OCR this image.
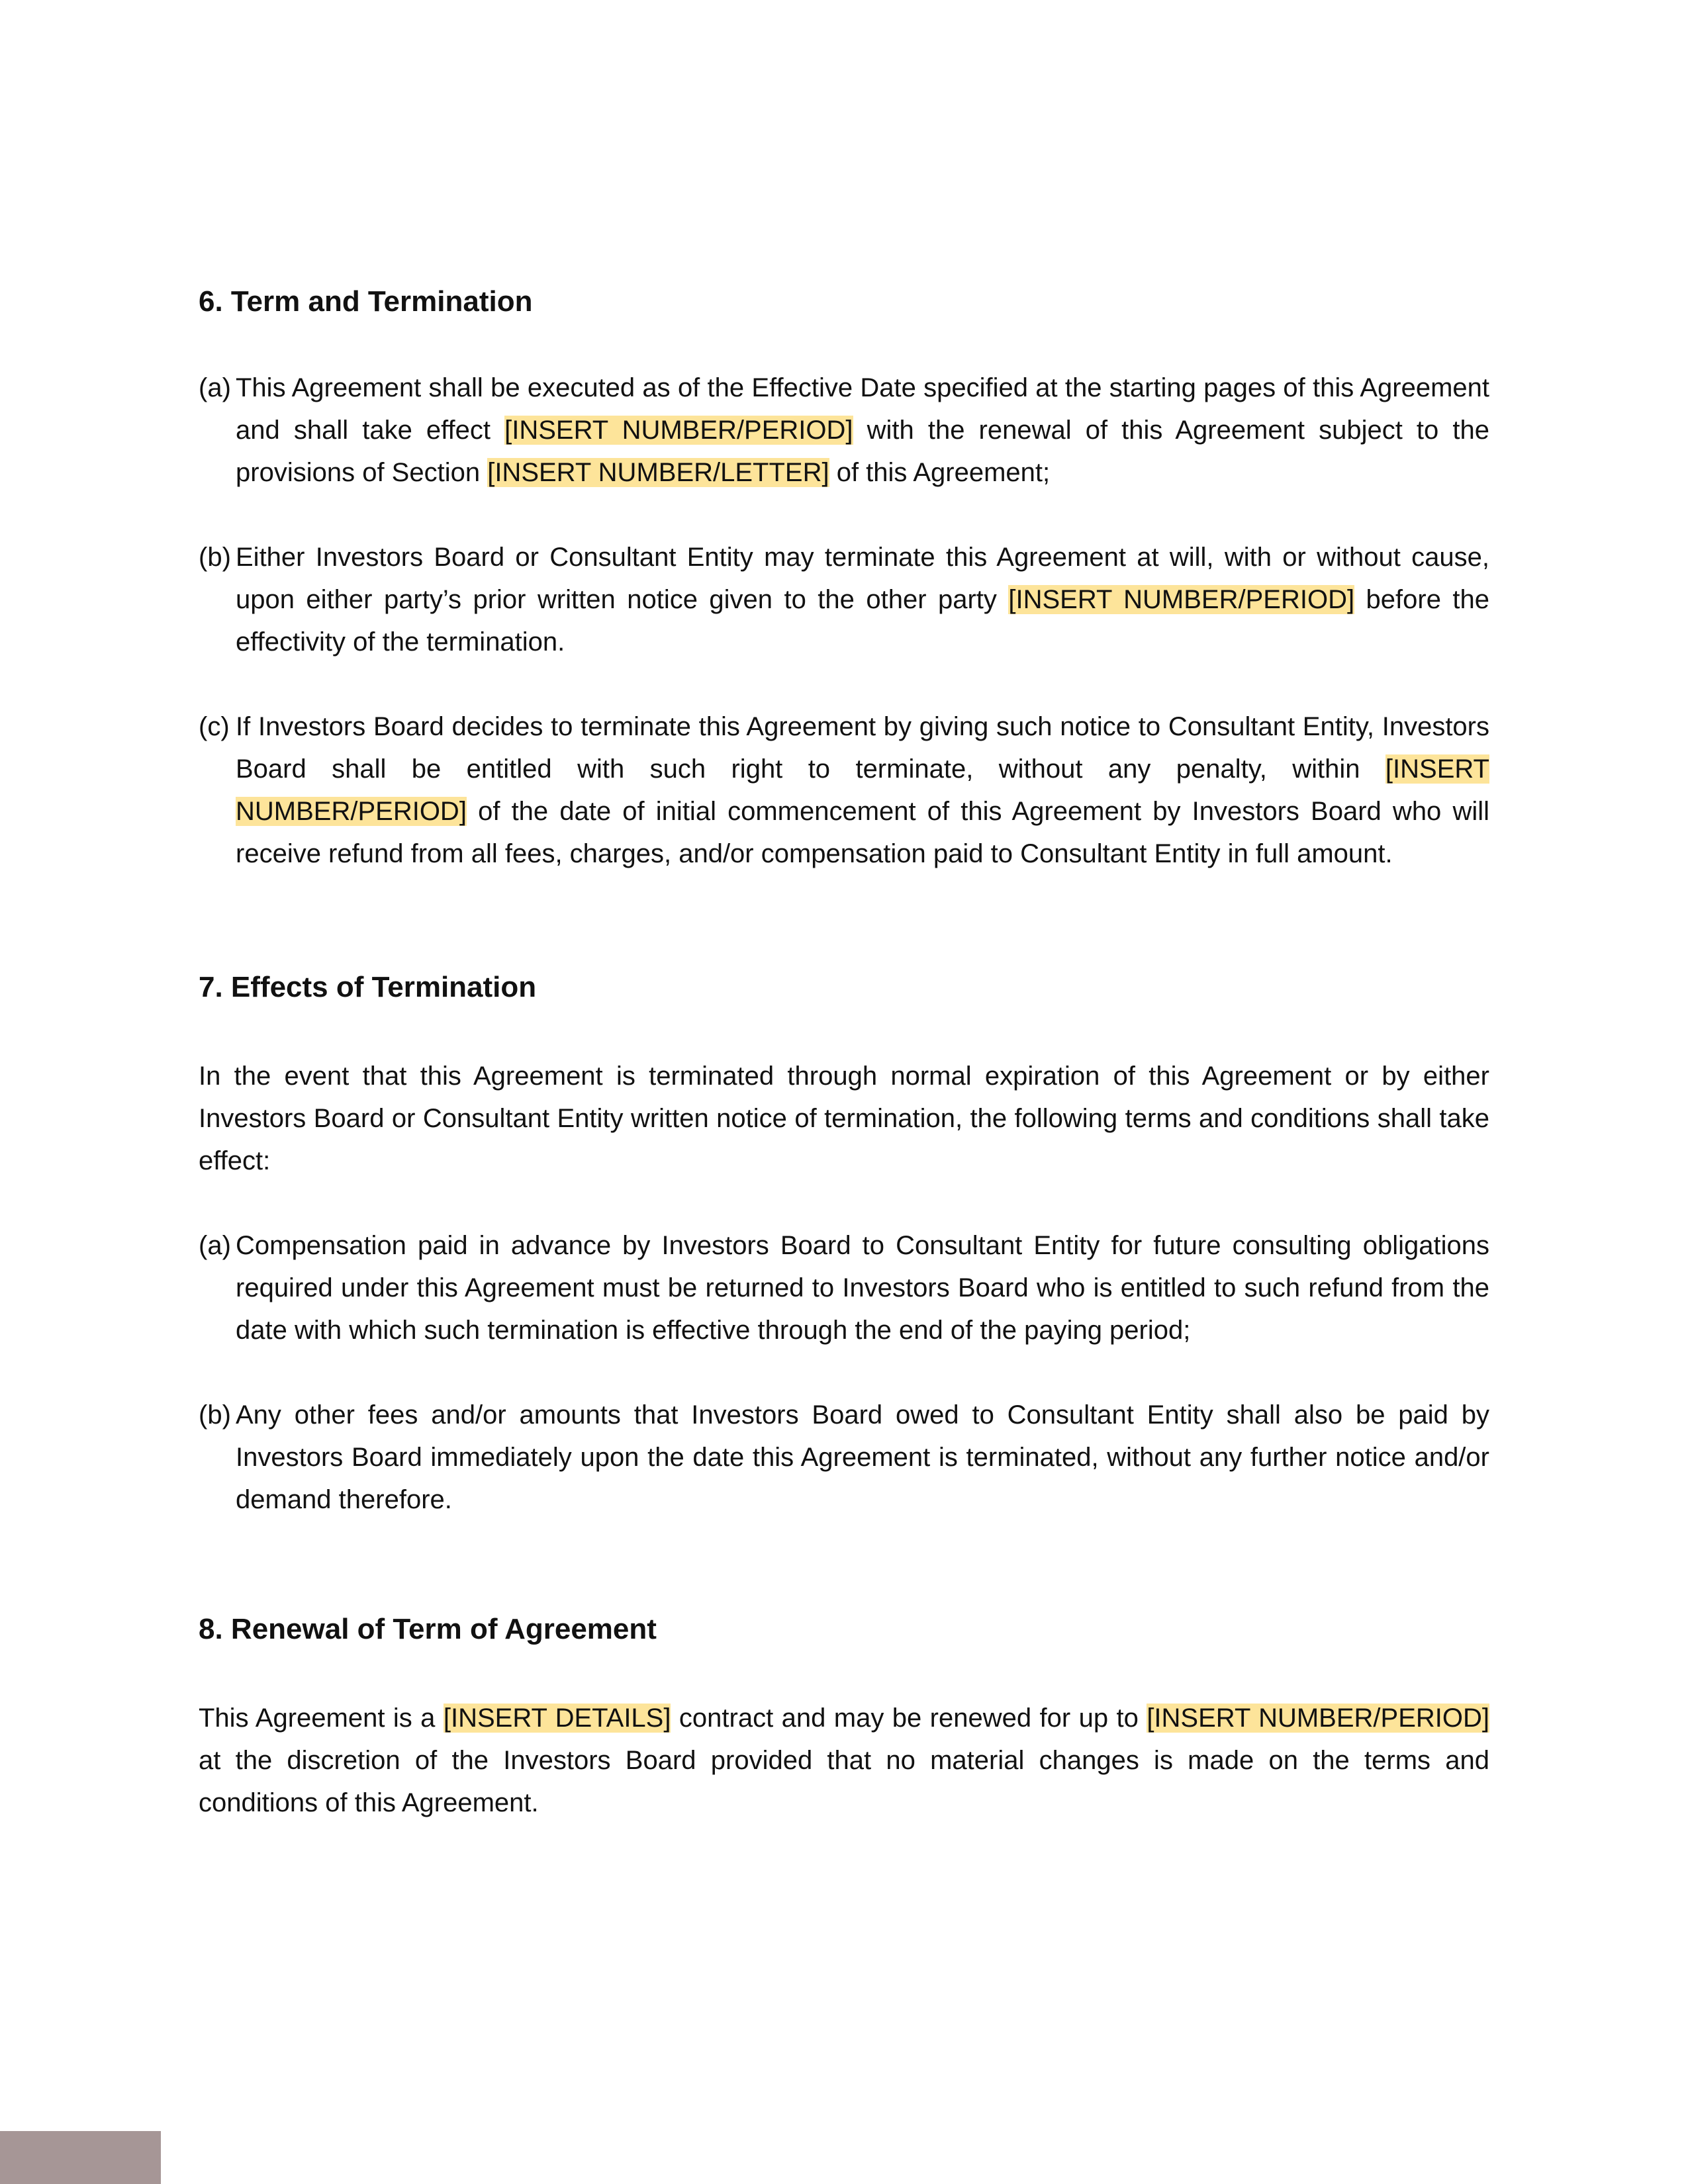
6. Term and Termination
(a) This Agreement shall be executed as of the Effective Date specified at the starting pages of this Agreement and shall take effect [INSERT NUMBER/PERIOD] with the renewal of this Agreement subject to the provisions of Section [INSERT NUMBER/LETTER] of this Agreement;
(b) Either Investors Board or Consultant Entity may terminate this Agreement at will, with or without cause, upon either party’s prior written notice given to the other party [INSERT NUMBER/PERIOD] before the effectivity of the termination.
(c) If Investors Board decides to terminate this Agreement by giving such notice to Consultant Entity, Investors Board shall be entitled with such right to terminate, without any penalty, within [INSERT NUMBER/PERIOD] of the date of initial commencement of this Agreement by Investors Board who will receive refund from all fees, charges, and/or compensation paid to Consultant Entity in full amount.
7. Effects of Termination
In the event that this Agreement is terminated through normal expiration of this Agreement or by either Investors Board or Consultant Entity written notice of termination, the following terms and conditions shall take effect:
(a) Compensation paid in advance by Investors Board to Consultant Entity for future consulting obligations required under this Agreement must be returned to Investors Board who is entitled to such refund from the date with which such termination is effective through the end of the paying period;
(b) Any other fees and/or amounts that Investors Board owed to Consultant Entity shall also be paid by Investors Board immediately upon the date this Agreement is terminated, without any further notice and/or demand therefore.
8. Renewal of Term of Agreement
This Agreement is a [INSERT DETAILS] contract and may be renewed for up to [INSERT NUMBER/PERIOD] at the discretion of the Investors Board provided that no material changes is made on the terms and conditions of this Agreement.
